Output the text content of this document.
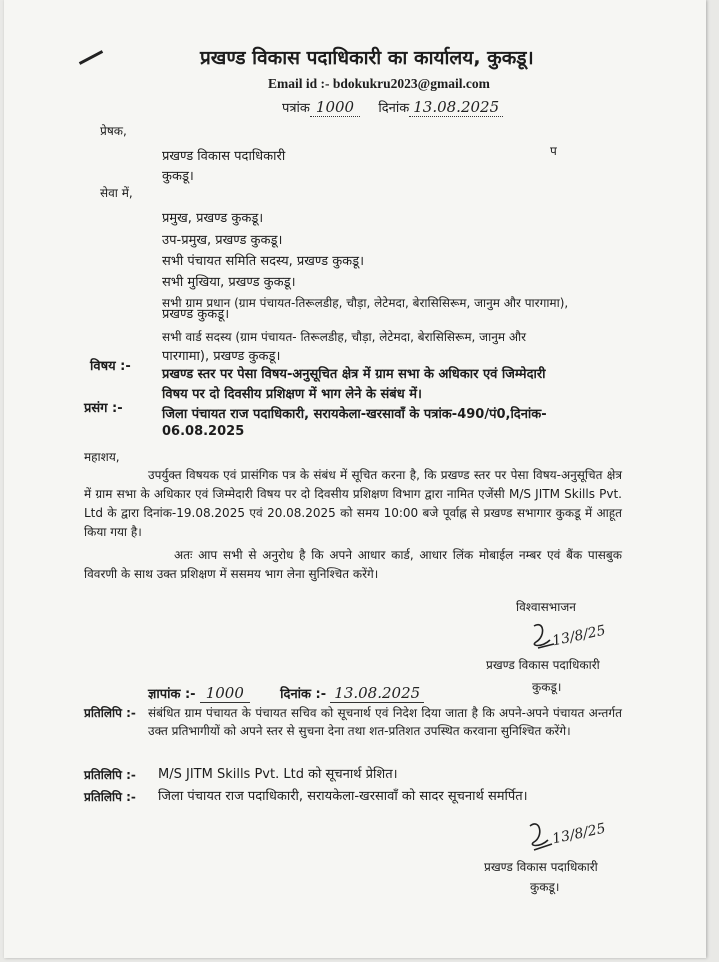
प्रखण्ड विकास पदाधिकारी का कार्यालय, कुकडू।
Email id :- bdokukru2023@gmail.com
पत्रांक 1000 दिनांक 13.08.2025
प्रेषक,
प्रखण्ड विकास पदाधिकारी
कुकडू।
प
सेवा में,
प्रमुख, प्रखण्ड कुकडू।
उप-प्रमुख, प्रखण्ड कुकडू।
सभी पंचायत समिति सदस्य, प्रखण्ड कुकडू।
सभी मुखिया, प्रखण्ड कुकडू।
सभी ग्राम प्रधान (ग्राम पंचायत-तिरूलडीह, चौड़ा, लेटेमदा, बेरासिसिरूम, जानुम और पारगामा),
प्रखण्ड कुकडू।
सभी वार्ड सदस्य (ग्राम पंचायत- तिरूलडीह, चौड़ा, लेटेमदा, बेरासिसिरूम, जानुम और
पारगामा), प्रखण्ड कुकडू।
विषय :-
प्रखण्ड स्तर पर पेसा विषय-अनुसूचित क्षेत्र में ग्राम सभा के अधिकार एवं जिम्मेदारी
विषय पर दो दिवसीय प्रशिक्षण में भाग लेने के संबंध में।
प्रसंग :-	जिला पंचायत राज पदाधिकारी, सरायकेला-खरसावाँ के पत्रांक-490/पं0,दिनांक-
06.08.2025
महाशय,
उपर्युक्त विषयक एवं प्रासंगिक पत्र के संबंध में सूचित करना है, कि प्रखण्ड स्तर पर पेसा विषय-अनुसूचित क्षेत्र में ग्राम सभा के अधिकार एवं जिम्मेदारी विषय पर दो दिवसीय प्रशिक्षण विभाग द्वारा नामित एजेंसी M/S JITM Skills Pvt. Ltd के द्वारा दिनांक-19.08.2025 एवं 20.08.2025 को समय 10:00 बजे पूर्वाह्न से प्रखण्ड सभागार कुकडू में आहूत किया गया है।
अतः आप सभी से अनुरोध है कि अपने आधार कार्ड, आधार लिंक मोबाईल नम्बर एवं बैंक पासबुक विवरणी के साथ उक्त प्रशिक्षण में ससमय भाग लेना सुनिश्चित करेंगे।
विश्वासभाजन
13/8/25
प्रखण्ड विकास पदाधिकारी
कुकडू।
ज्ञापांक :- 1000	दिनांक :- 13.08.2025
प्रतिलिपि :- संबंधित ग्राम पंचायत के पंचायत सचिव को सूचनार्थ एवं निदेश दिया जाता है कि अपने-अपने पंचायत अन्तर्गत उक्त प्रतिभागीयों को अपने स्तर से सुचना देना तथा शत-प्रतिशत उपस्थित करवाना सुनिश्चित करेंगे।
प्रतिलिपि :- M/S JITM Skills Pvt. Ltd को सूचनार्थ प्रेशित।
प्रतिलिपि :- जिला पंचायत राज पदाधिकारी, सरायकेला-खरसावाँ को सादर सूचनार्थ समर्पित।
13/8/25
प्रखण्ड विकास पदाधिकारी
कुकडू।
